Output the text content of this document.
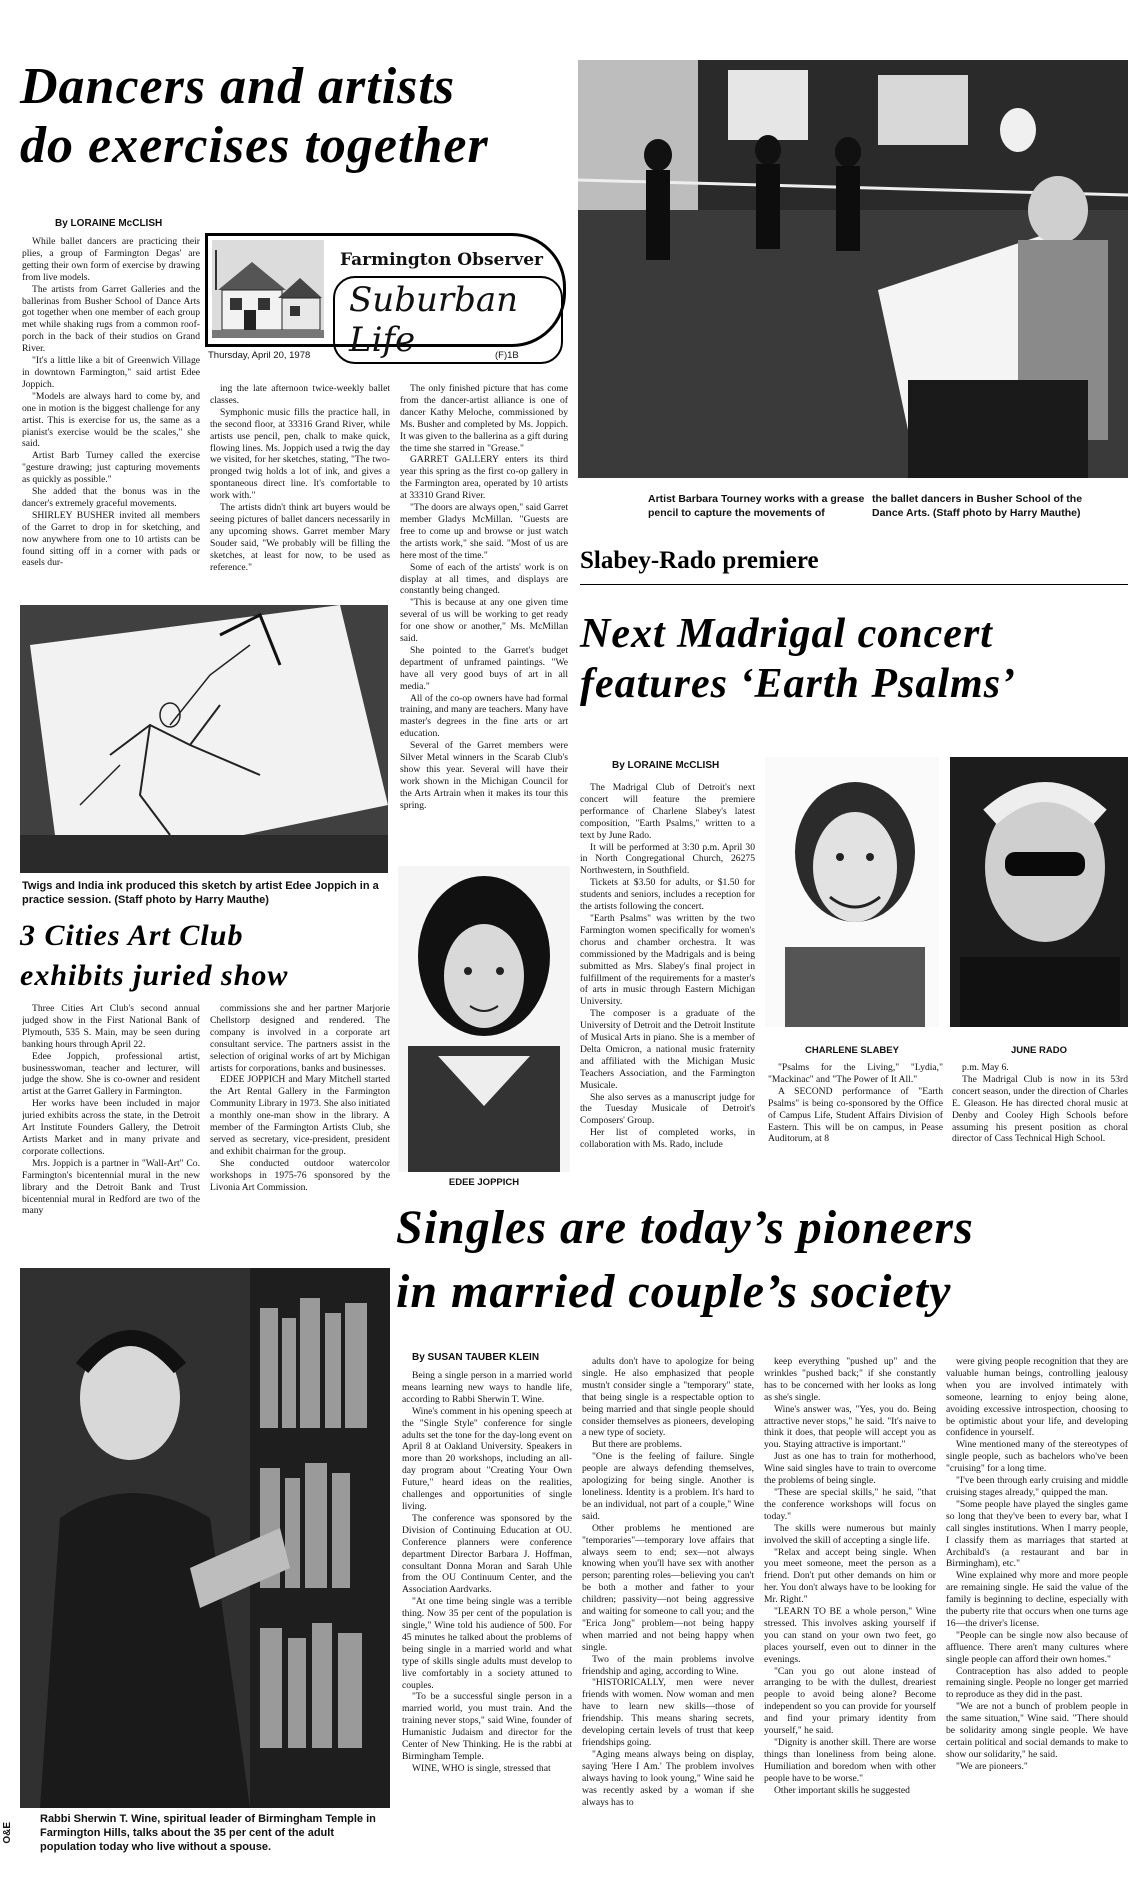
Dancers and artists
do exercises together
By LORAINE McCLISH

While ballet dancers are practicing their plies, a group of Farmington Degas' are getting their own form of exercise by drawing from live models.

The artists from Garret Galleries and the ballerinas from Busher School of Dance Arts got together when one member of each group met while shaking rugs from a common roof-porch in the back of their studios on Grand River.

"It's a little like a bit of Greenwich Village in downtown Farmington," said artist Edee Joppich.

"Models are always hard to come by, and one in motion is the biggest challenge for any artist. This is exercise for us, the same as a pianist's exercise would be the scales," she said.

Artist Barb Turney called the exercise "gesture drawing; just capturing movements as quickly as possible."

She added that the bonus was in the dancer's extremely graceful movements.

SHIRLEY BUSHER invited all members of the Garret to drop in for sketching, and now anywhere from one to 10 artists can be found sitting off in a corner with pads or easels dur-

Farmington Observer
Suburban Life
Thursday, April 20, 1978	(F)1B

ing the late afternoon twice-weekly ballet classes.

Symphonic music fills the practice hall, in the second floor, at 33316 Grand River, while artists use pencil, pen, chalk to make quick, flowing lines. Ms. Joppich used a twig the day we visited, for her sketches, stating, "The two-pronged twig holds a lot of ink, and gives a spontaneous direct line. It's comfortable to work with."

The artists didn't think art buyers would be seeing pictures of ballet dancers necessarily in any upcoming shows. Garret member Mary Souder said, "We probably will be filling the sketches, at least for now, to be used as reference."

The only finished picture that has come from the dancer-artist alliance is one of dancer Kathy Meloche, commissioned by Ms. Busher and completed by Ms. Joppich. It was given to the ballerina as a gift during the time she starred in "Grease."

GARRET GALLERY enters its third year this spring as the first co-op gallery in the Farmington area, operated by 10 artists at 33310 Grand River.

"The doors are always open," said Garret member Gladys McMillan. "Guests are free to come up and browse or just watch the artists work," she said. "Most of us are here most of the time."

Some of each of the artists' work is on display at all times, and displays are constantly being changed.

"This is because at any one given time several of us will be working to get ready for one show or another," Ms. McMillan said.

She pointed to the Garret's budget department of unframed paintings. "We have all very good buys of art in all media."

All of the co-op owners have had formal training, and many are teachers. Many have master's degrees in the fine arts or art education.

Several of the Garret members were Silver Metal winners in the Scarab Club's show this year. Several will have their work shown in the Michigan Council for the Arts Artrain when it makes its tour this spring.

Artist Barbara Tourney works with a grease pencil to capture the movements of
the ballet dancers in Busher School of the Dance Arts. (Staff photo by Harry Mauthe)
Twigs and India ink produced this sketch by artist Edee Joppich in a practice session. (Staff photo by Harry Mauthe)
3 Cities Art Club
exhibits juried show

Three Cities Art Club's second annual judged show in the First National Bank of Plymouth, 535 S. Main, may be seen during banking hours through April 22.

Edee Joppich, professional artist, businesswoman, teacher and lecturer, will judge the show. She is co-owner and resident artist at the Garret Gallery in Farmington.

Her works have been included in major juried exhibits across the state, in the Detroit Art Institute Founders Gallery, the Detroit Artists Market and in many private and corporate collections.

Mrs. Joppich is a partner in "Wall-Art" Co. Farmington's bicentennial mural in the new library and the Detroit Bank and Trust bicentennial mural in Redford are two of the many

commissions she and her partner Marjorie Chellstorp designed and rendered. The company is involved in a corporate art consultant service. The partners assist in the selection of original works of art by Michigan artists for corporations, banks and businesses.

EDEE JOPPICH and Mary Mitchell started the Art Rental Gallery in the Farmington Community Library in 1973. She also initiated a monthly one-man show in the library. A member of the Farmington Artists Club, she served as secretary, vice-president, president and exhibit chairman for the group.

She conducted outdoor watercolor workshops in 1975-76 sponsored by the Livonia Art Commission.

Slabey-Rado premiere
Next Madrigal concert
features ‘Earth Psalms’
By LORAINE McCLISH
EDEE JOPPICH

The Madrigal Club of Detroit's next concert will feature the premiere performance of Charlene Slabey's latest composition, "Earth Psalms," written to a text by June Rado.

It will be performed at 3:30 p.m. April 30 in North Congregational Church, 26275 Northwestern, in Southfield.

Tickets at $3.50 for adults, or $1.50 for students and seniors, includes a reception for the artists following the concert.

"Earth Psalms" was written by the two Farmington women specifically for women's chorus and chamber orchestra. It was commissioned by the Madrigals and is being submitted as Mrs. Slabey's final project in fulfillment of the requirements for a master's of arts in music through Eastern Michigan University.

The composer is a graduate of the University of Detroit and the Detroit Institute of Musical Arts in piano. She is a member of Delta Omicron, a national music fraternity and affiliated with the Michigan Music Teachers Association, and the Farmington Musicale.

She also serves as a manuscript judge for the Tuesday Musicale of Detroit's Composers' Group.

Her list of completed works, in collaboration with Ms. Rado, include

CHARLENE SLABEY	JUNE RADO

"Psalms for the Living," "Lydia," "Mackinac" and "The Power of It All."

A SECOND performance of "Earth Psalms" is being co-sponsored by the Office of Campus Life, Student Affairs Division of Eastern. This will be on campus, in Pease Auditorum, at 8

p.m. May 6.

The Madrigal Club is now in its 53rd concert season, under the direction of Charles E. Gleason. He has directed choral music at Denby and Cooley High Schools before assuming his present position as choral director of Cass Technical High School.

Singles are today’s pioneers
in married couple’s society
By SUSAN TAUBER KLEIN
Rabbi Sherwin T. Wine, spiritual leader of Birmingham Temple in Farmington Hills, talks about the 35 per cent of the adult population today who live without a spouse.
O&E

Being a single person in a married world means learning new ways to handle life, according to Rabbi Sherwin T. Wine.

Wine's comment in his opening speech at the "Single Style" conference for single adults set the tone for the day-long event on April 8 at Oakland University. Speakers in more than 20 workshops, including an all-day program about "Creating Your Own Future," heard ideas on the realities, challenges and opportunities of single living.

The conference was sponsored by the Division of Continuing Education at OU. Conference planners were conference department Director Barbara J. Hoffman, consultant Donna Moran and Sarah Uhle from the OU Continuum Center, and the Association Aardvarks.

"At one time being single was a terrible thing. Now 35 per cent of the population is single," Wine told his audience of 500. For 45 minutes he talked about the problems of being single in a married world and what type of skills single adults must develop to live comfortably in a society attuned to couples.

"To be a successful single person in a married world, you must train. And the training never stops," said Wine, founder of Humanistic Judaism and director for the Center of New Thinking. He is the rabbi at Birmingham Temple.

WINE, WHO is single, stressed that

adults don't have to apologize for being single. He also emphasized that people mustn't consider single a "temporary" state, that being single is a respectable option to being married and that single people should consider themselves as pioneers, developing a new type of society.

But there are problems.

"One is the feeling of failure. Single people are always defending themselves, apologizing for being single. Another is loneliness. Identity is a problem. It's hard to be an individual, not part of a couple," Wine said.

Other problems he mentioned are "temporaries"—temporary love affairs that always seem to end; sex—not always knowing when you'll have sex with another person; parenting roles—believing you can't be both a mother and father to your children; passivity—not being aggressive and waiting for someone to call you; and the "Erica Jong" problem—not being happy when married and not being happy when single.

Two of the main problems involve friendship and aging, according to Wine.

"HISTORICALLY, men were never friends with women. Now woman and men have to learn new skills—those of friendship. This means sharing secrets, developing certain levels of trust that keep friendships going.

"Aging means always being on display, saying 'Here I Am.' The problem involves always having to look young," Wine said he was recently asked by a woman if she always has to

keep everything "pushed up" and the wrinkles "pushed back;" if she constantly has to be concerned with her looks as long as she's single.

Wine's answer was, "Yes, you do. Being attractive never stops," he said. "It's naive to think it does, that people will accept you as you. Staying attractive is important."

Just as one has to train for motherhood, Wine said singles have to train to overcome the problems of being single.

"These are special skills," he said, "that the conference workshops will focus on today."

The skills were numerous but mainly involved the skill of accepting a single life.

"Relax and accept being single. When you meet someone, meet the person as a friend. Don't put other demands on him or her. You don't always have to be looking for Mr. Right."

"LEARN TO BE a whole person," Wine stressed. This involves asking yourself if you can stand on your own two feet, go places yourself, even out to dinner in the evenings.

"Can you go out alone instead of arranging to be with the dullest, dreariest people to avoid being alone? Become independent so you can provide for yourself and find your primary identity from yourself," he said.

"Dignity is another skill. There are worse things than loneliness from being alone. Humiliation and boredom when with other people have to be worse."

Other important skills he suggested

were giving people recognition that they are valuable human beings, controlling jealousy when you are involved intimately with someone, learning to enjoy being alone, avoiding excessive introspection, choosing to be optimistic about your life, and developing confidence in yourself.

Wine mentioned many of the stereotypes of single people, such as bachelors who've been "cruising" for a long time.

"I've been through early cruising and middle cruising stages already," quipped the man.

"Some people have played the singles game so long that they've been to every bar, what I call singles institutions. When I marry people, I classify them as marriages that started at Archibald's (a restaurant and bar in Birmingham), etc."

Wine explained why more and more people are remaining single. He said the value of the family is beginning to decline, especially with the puberty rite that occurs when one turns age 16—the driver's license.

"People can be single now also because of affluence. There aren't many cultures where single people can afford their own homes."

Contraception has also added to people remaining single. People no longer get married to reproduce as they did in the past.

"We are not a bunch of problem people in the same situation," Wine said. "There should be solidarity among single people. We have certain political and social demands to make to show our solidarity," he said.

"We are pioneers."
